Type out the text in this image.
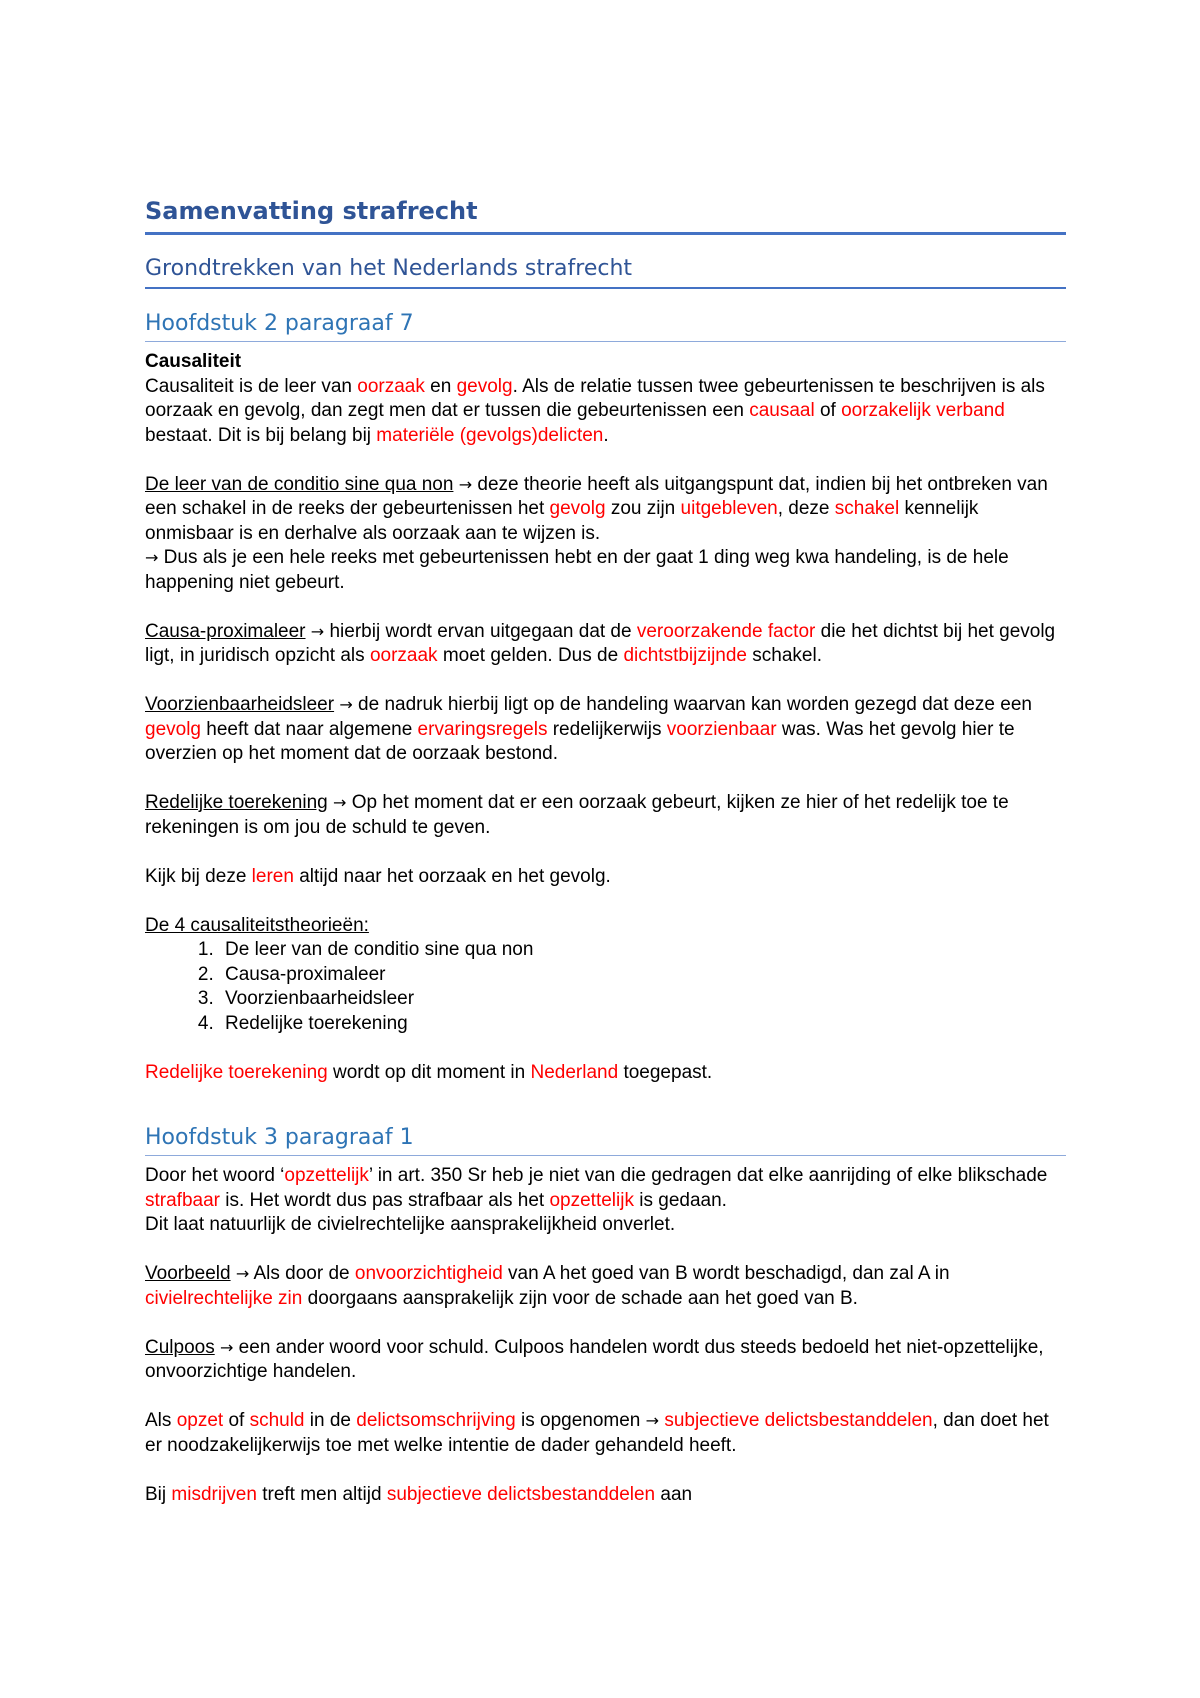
Samenvatting strafrecht
Grondtrekken van het Nederlands strafrecht
Hoofdstuk 2 paragraaf 7
Causaliteit

Causaliteit is de leer van oorzaak en gevolg. Als de relatie tussen twee gebeurtenissen te beschrijven is als oorzaak en gevolg, dan zegt men dat er tussen die gebeurtenissen een causaal of oorzakelijk verband bestaat. Dit is bij belang bij materiële (gevolgs)delicten.

De leer van de conditio sine qua non → deze theorie heeft als uitgangspunt dat, indien bij het ontbreken van een schakel in de reeks der gebeurtenissen het gevolg zou zijn uitgebleven, deze schakel kennelijk onmisbaar is en derhalve als oorzaak aan te wijzen is.
→ Dus als je een hele reeks met gebeurtenissen hebt en der gaat 1 ding weg kwa handeling, is de hele happening niet gebeurt.

Causa-proximaleer → hierbij wordt ervan uitgegaan dat de veroorzakende factor die het dichtst bij het gevolg ligt, in juridisch opzicht als oorzaak moet gelden. Dus de dichtstbijzijnde schakel.

Voorzienbaarheidsleer → de nadruk hierbij ligt op de handeling waarvan kan worden gezegd dat deze een gevolg heeft dat naar algemene ervaringsregels redelijkerwijs voorzienbaar was. Was het gevolg hier te overzien op het moment dat de oorzaak bestond.

Redelijke toerekening → Op het moment dat er een oorzaak gebeurt, kijken ze hier of het redelijk toe te rekeningen is om jou de schuld te geven.

Kijk bij deze leren altijd naar het oorzaak en het gevolg.

De 4 causaliteitstheorieën:
1. De leer van de conditio sine qua non
2. Causa-proximaleer
3. Voorzienbaarheidsleer
4. Redelijke toerekening

Redelijke toerekening wordt op dit moment in Nederland toegepast.

Hoofdstuk 3 paragraaf 1

Door het woord ‘opzettelijk’ in art. 350 Sr heb je niet van die gedragen dat elke aanrijding of elke blikschade strafbaar is. Het wordt dus pas strafbaar als het opzettelijk is gedaan.
Dit laat natuurlijk de civielrechtelijke aansprakelijkheid onverlet.

Voorbeeld → Als door de onvoorzichtigheid van A het goed van B wordt beschadigd, dan zal A in civielrechtelijke zin doorgaans aansprakelijk zijn voor de schade aan het goed van B.

Culpoos → een ander woord voor schuld. Culpoos handelen wordt dus steeds bedoeld het niet-opzettelijke, onvoorzichtige handelen.

Als opzet of schuld in de delictsomschrijving is opgenomen → subjectieve delictsbestanddelen, dan doet het er noodzakelijkerwijs toe met welke intentie de dader gehandeld heeft.

Bij misdrijven treft men altijd subjectieve delictsbestanddelen aan
